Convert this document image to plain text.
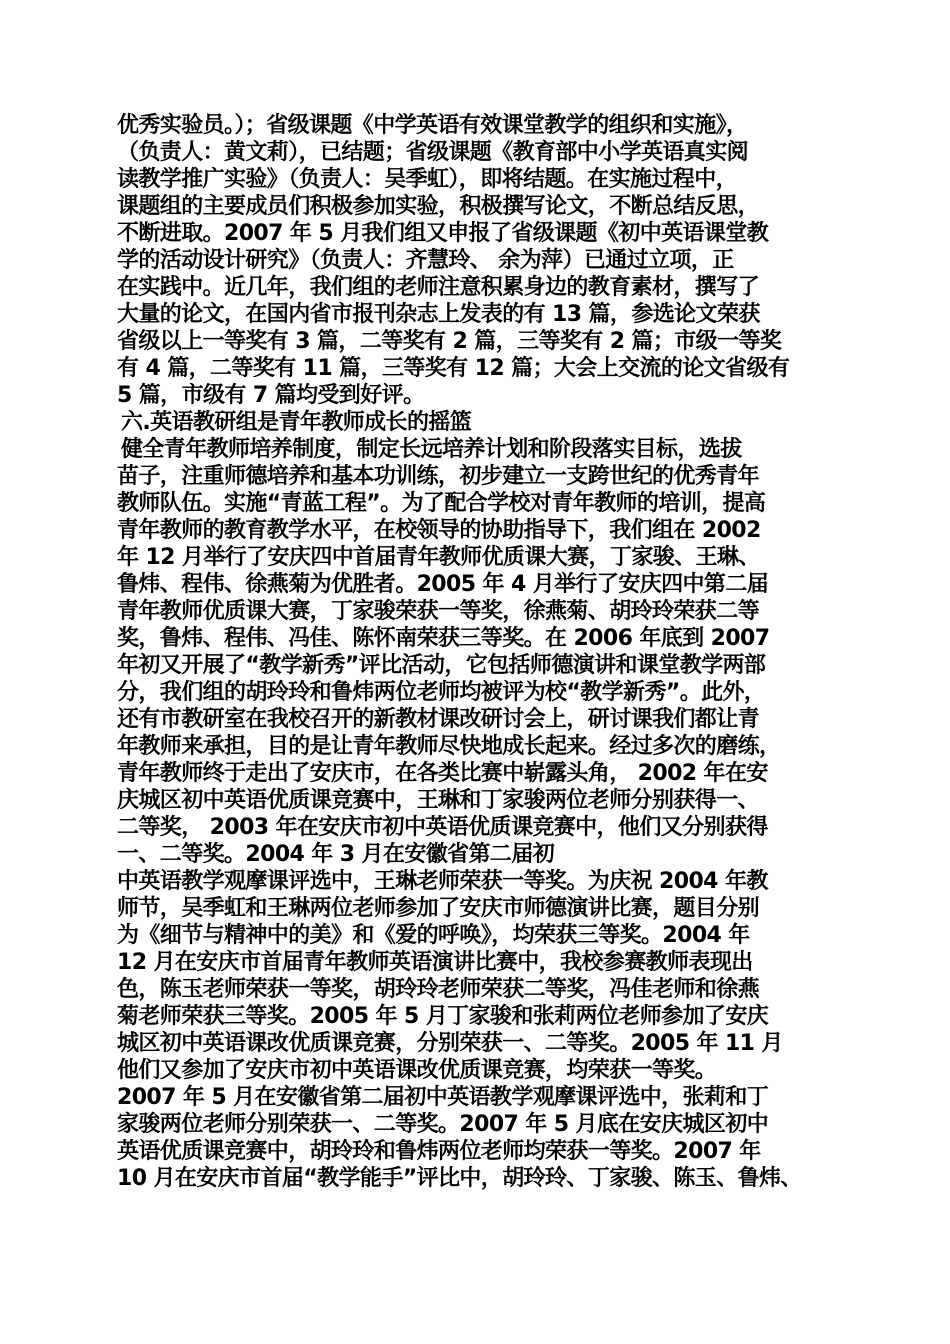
优秀实验员。）；省级课题《中学英语有效课堂教学的组织和实施》，
（负责人：黄文莉），已结题；省级课题《教育部中小学英语真实阅
读教学推广实验》（负责人：吴季虹），即将结题。在实施过程中，
课题组的主要成员们积极参加实验，积极撰写论文，不断总结反思，
不断进取。2007 年 5 月我们组又申报了省级课题《初中英语课堂教
学的活动设计研究》（负责人：齐慧玲、 余为萍）已通过立项，正
在实践中。近几年，我们组的老师注意积累身边的教育素材，撰写了
大量的论文，在国内省市报刊杂志上发表的有 13 篇，参选论文荣获
省级以上一等奖有 3 篇，二等奖有 2 篇，三等奖有 2 篇；市级一等奖
有 4 篇，二等奖有 11 篇，三等奖有 12 篇；大会上交流的论文省级有
5 篇，市级有 7 篇均受到好评。
六.英语教研组是青年教师成长的摇篮
健全青年教师培养制度，制定长远培养计划和阶段落实目标，选拔
苗子，注重师德培养和基本功训练，初步建立一支跨世纪的优秀青年
教师队伍。实施“青蓝工程”。为了配合学校对青年教师的培训，提高
青年教师的教育教学水平，在校领导的协助指导下，我们组在 2002
年 12 月举行了安庆四中首届青年教师优质课大赛，丁家骏、王琳、
鲁炜、程伟、徐燕菊为优胜者。2005 年 4 月举行了安庆四中第二届
青年教师优质课大赛，丁家骏荣获一等奖，徐燕菊、胡玲玲荣获二等
奖，鲁炜、程伟、冯佳、陈怀南荣获三等奖。在 2006 年底到 2007
年初又开展了“教学新秀”评比活动，它包括师德演讲和课堂教学两部
分，我们组的胡玲玲和鲁炜两位老师均被评为校“教学新秀”。此外，
还有市教研室在我校召开的新教材课改研讨会上，研讨课我们都让青
年教师来承担，目的是让青年教师尽快地成长起来。经过多次的磨练，
青年教师终于走出了安庆市，在各类比赛中崭露头角， 2002 年在安
庆城区初中英语优质课竞赛中，王琳和丁家骏两位老师分别获得一、
二等奖， 2003 年在安庆市初中英语优质课竞赛中，他们又分别获得
一、二等奖。2004 年 3 月在安徽省第二届初
中英语教学观摩课评选中，王琳老师荣获一等奖。为庆祝 2004 年教
师节，吴季虹和王琳两位老师参加了安庆市师德演讲比赛，题目分别
为《细节与精神中的美》和《爱的呼唤》，均荣获三等奖。2004 年
12 月在安庆市首届青年教师英语演讲比赛中，我校参赛教师表现出
色，陈玉老师荣获一等奖，胡玲玲老师荣获二等奖，冯佳老师和徐燕
菊老师荣获三等奖。2005 年 5 月丁家骏和张莉两位老师参加了安庆
城区初中英语课改优质课竞赛，分别荣获一、二等奖。2005 年 11 月
他们又参加了安庆市初中英语课改优质课竞赛，均荣获一等奖。
2007 年 5 月在安徽省第二届初中英语教学观摩课评选中，张莉和丁
家骏两位老师分别荣获一、二等奖。2007 年 5 月底在安庆城区初中
英语优质课竞赛中，胡玲玲和鲁炜两位老师均荣获一等奖。2007 年
10 月在安庆市首届“教学能手”评比中，胡玲玲、丁家骏、陈玉、鲁炜、
